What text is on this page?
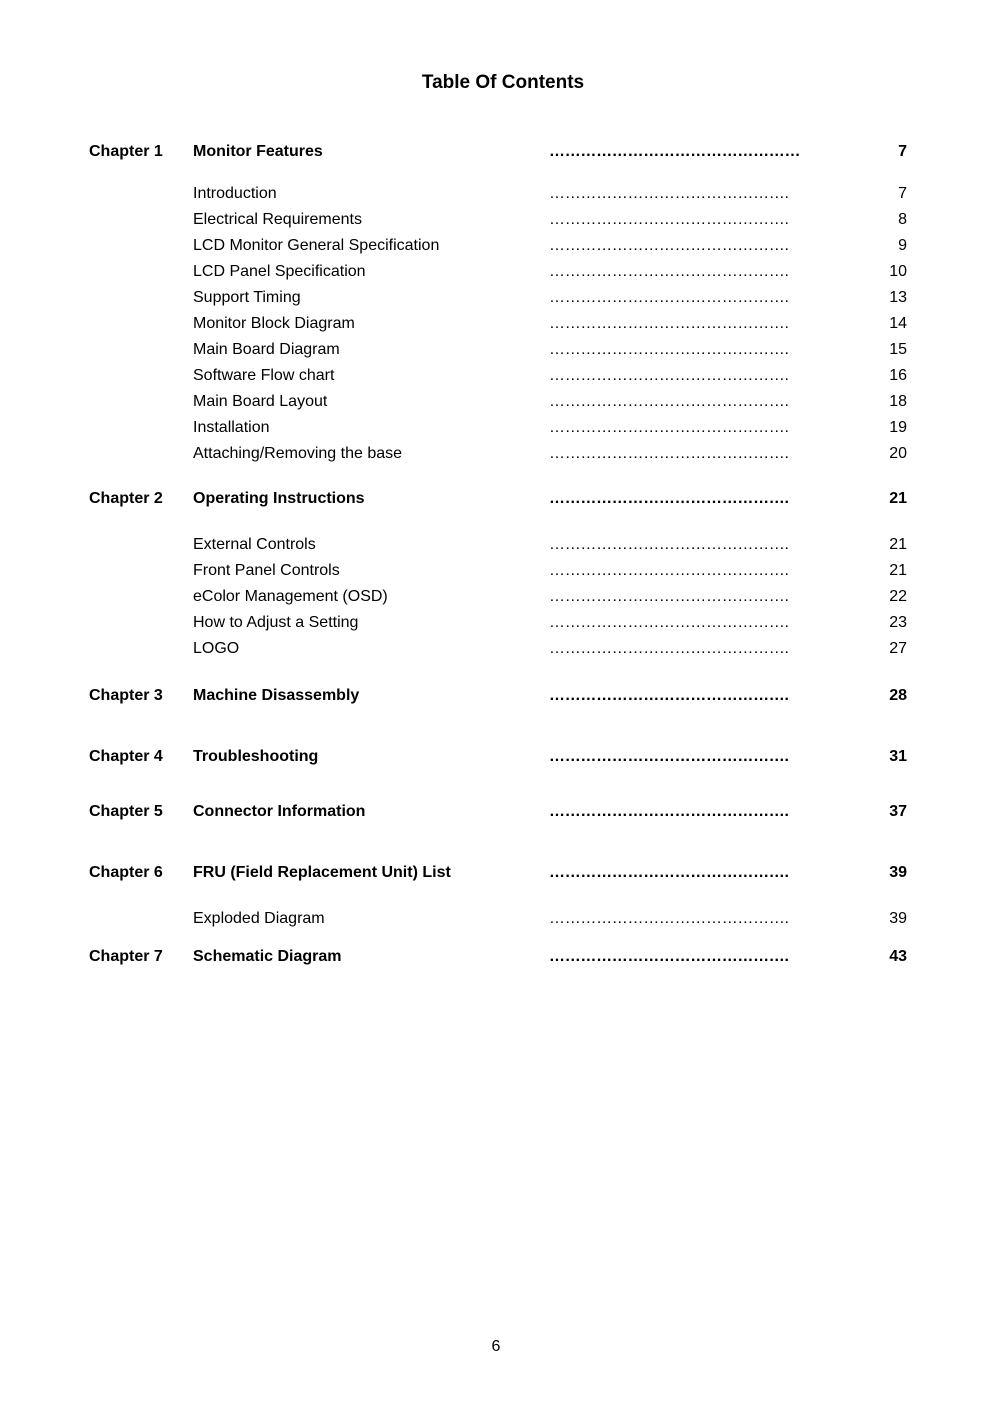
Table Of Contents
Chapter 1 Monitor Features	…………………………………………	7
Introduction	……………………………………….	7
Electrical Requirements	……………………………………….	8
LCD Monitor General Specification	……………………………………….	9
LCD Panel Specification	……………………………………….	10
Support Timing	……………………………………….	13
Monitor Block Diagram	……………………………………….	14
Main Board Diagram	……………………………………….	15
Software Flow chart	……………………………………….	16
Main Board Layout	……………………………………….	18
Installation	……………………………………….	19
Attaching/Removing the base	……………………………………….	20
Chapter 2 Operating Instructions	……………………………………….	21
External Controls	……………………………………….	21
Front Panel Controls	……………………………………….	21
eColor Management (OSD)	……………………………………….	22
How to Adjust a Setting	……………………………………….	23
LOGO	……………………………………….	27
Chapter 3 Machine Disassembly	……………………………………….	28
Chapter 4 Troubleshooting	……………………………………….	31
Chapter 5 Connector Information	……………………………………….	37
Chapter 6 FRU (Field Replacement Unit) List	……………………………………….	39
Exploded Diagram	……………………………………….	39
Chapter 7 Schematic Diagram	……………………………………….	43
6
